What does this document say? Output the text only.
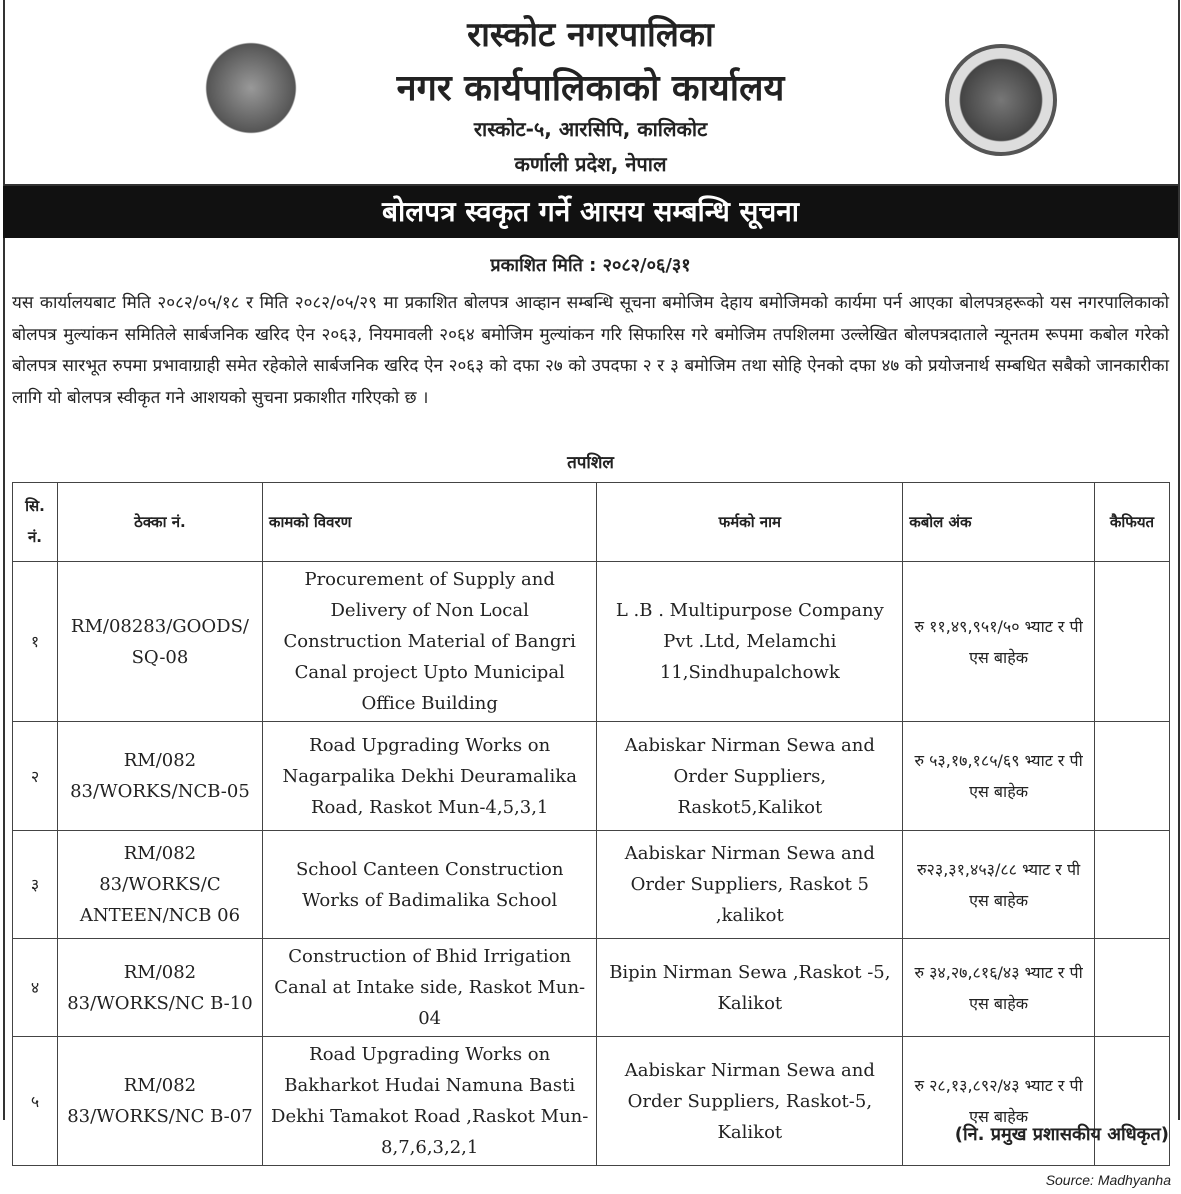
रास्कोट नगरपालिका
नगर कार्यपालिकाको कार्यालय
रास्कोट-५, आरसिपि, कालिकोट
कर्णाली प्रदेश, नेपाल
बोलपत्र स्वकृत गर्ने आसय सम्बन्धि सूचना
प्रकाशित मिति : २०८२/०६/३१
यस कार्यालयबाट मिति २०८२/०५/१८ र मिति २०८२/०५/२९ मा प्रकाशित बोलपत्र आव्हान सम्बन्धि सूचना बमोजिम देहाय बमोजिमको कार्यमा पर्न आएका बोलपत्रहरूको यस नगरपालिकाको बोलपत्र मुल्यांकन समितिले सार्बजनिक खरिद ऐन २०६३, नियमावली २०६४ बमोजिम मुल्यांकन गरि सिफारिस गरे बमोजिम तपशिलमा उल्लेखित बोलपत्रदाताले न्यूनतम रूपमा कबोल गरेको बोलपत्र सारभूत रुपमा प्रभावाग्राही समेत रहेकोले सार्बजनिक खरिद ऐन २०६३ को दफा २७ को उपदफा २ र ३ बमोजिम तथा सोहि ऐनको दफा ४७ को प्रयोजनार्थ सम्बधित सबैको जानकारीका लागि यो बोलपत्र स्वीकृत गने आशयको सुचना प्रकाशीत गरिएको छ ।
तपशिल
सि. नं.	ठेक्का नं.	कामको विवरण	फर्मको नाम	कबोल अंक	कैफियत
१	RM/08283/GOODS/ SQ-08	Procurement of Supply and Delivery of Non Local Construction Material of Bangri Canal project Upto Municipal Office Building	L .B . Multipurpose Company Pvt .Ltd, Melamchi 11,Sindhupalchowk	रु ११,४९,९५१/५० भ्याट र पी एस बाहेक	
२	RM/082 83/WORKS/NCB-05	Road Upgrading Works on Nagarpalika Dekhi Deuramalika Road, Raskot Mun-4,5,3,1	Aabiskar Nirman Sewa and Order Suppliers, Raskot5,Kalikot	रु ५३,१७,१८५/६९ भ्याट र पी एस बाहेक	
३	RM/082 83/WORKS/C ANTEEN/NCB 06	School Canteen Construction Works of Badimalika School	Aabiskar Nirman Sewa and Order Suppliers, Raskot 5 ,kalikot	रु२३,३१,४५३/८८ भ्याट र पी एस बाहेक	
४	RM/082 83/WORKS/NC B-10	Construction of Bhid Irrigation Canal at Intake side, Raskot Mun-04	Bipin Nirman Sewa ,Raskot -5, Kalikot	रु ३४,२७,८१६/४३ भ्याट र पी एस बाहेक	
५	RM/082 83/WORKS/NC B-07	Road Upgrading Works on Bakharkot Hudai Namuna Basti Dekhi Tamakot Road ,Raskot Mun-8,7,6,3,2,1	Aabiskar Nirman Sewa and Order Suppliers, Raskot-5, Kalikot	रु २८,१३,८९२/४३ भ्याट र पी एस बाहेक	
(नि. प्रमुख प्रशासकीय अधिकृत)
Source: Madhyanha
